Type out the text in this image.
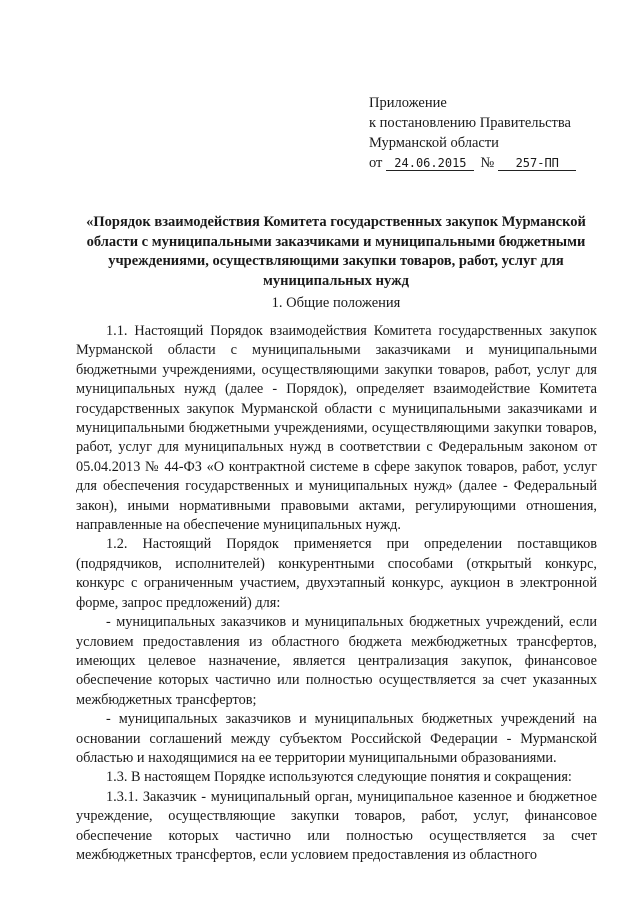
Приложение
к постановлению Правительства
Мурманской области
от 24.06.2015 № 257-ПП
«Порядок взаимодействия Комитета государственных закупок Мурманской области с муниципальными заказчиками и муниципальными бюджетными учреждениями, осуществляющими закупки товаров, работ, услуг для муниципальных нужд
1. Общие положения

1.1. Настоящий Порядок взаимодействия Комитета государственных закупок Мурманской области с муниципальными заказчиками и муниципальными бюджетными учреждениями, осуществляющими закупки товаров, работ, услуг для муниципальных нужд (далее - Порядок), определяет взаимодействие Комитета государственных закупок Мурманской области с муниципальными заказчиками и муниципальными бюджетными учреждениями, осуществляющими закупки товаров, работ, услуг для муниципальных нужд в соответствии с Федеральным законом от 05.04.2013 № 44-ФЗ «О контрактной системе в сфере закупок товаров, работ, услуг для обеспечения государственных и муниципальных нужд» (далее - Федеральный закон), иными нормативными правовыми актами, регулирующими отношения, направленные на обеспечение муниципальных нужд.

1.2. Настоящий Порядок применяется при определении поставщиков (подрядчиков, исполнителей) конкурентными способами (открытый конкурс, конкурс с ограниченным участием, двухэтапный конкурс, аукцион в электронной форме, запрос предложений) для:

- муниципальных заказчиков и муниципальных бюджетных учреждений, если условием предоставления из областного бюджета межбюджетных трансфертов, имеющих целевое назначение, является централизация закупок, финансовое обеспечение которых частично или полностью осуществляется за счет указанных межбюджетных трансфертов;

- муниципальных заказчиков и муниципальных бюджетных учреждений на основании соглашений между субъектом Российской Федерации - Мурманской областью и находящимися на ее территории муниципальными образованиями.

1.3. В настоящем Порядке используются следующие понятия и сокращения:

1.3.1. Заказчик - муниципальный орган, муниципальное казенное и бюджетное учреждение, осуществляющие закупки товаров, работ, услуг, финансовое обеспечение которых частично или полностью осуществляется за счет межбюджетных трансфертов, если условием предоставления из областного
